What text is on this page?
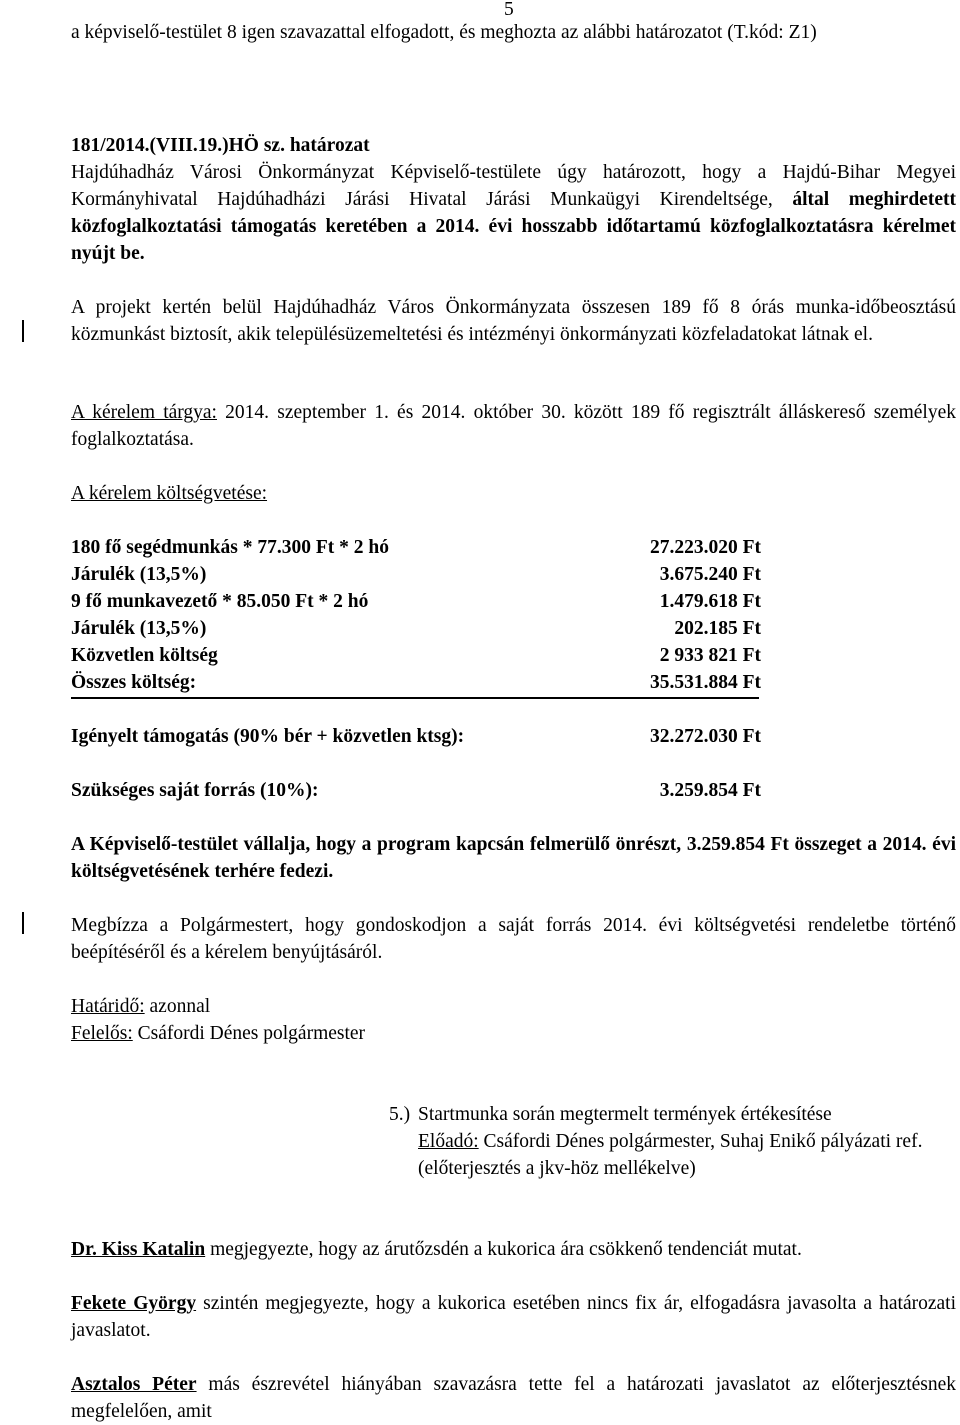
5

a képviselő-testület 8 igen szavazattal elfogadott, és meghozta az alábbi határozatot (T.kód: Z1)

181/2014.(VIII.19.)HÖ sz. határozat
Hajdúhadház Városi Önkormányzat Képviselő-testülete úgy határozott, hogy a Hajdú-Bihar Megyei Kormányhivatal Hajdúhadházi Járási Hivatal Járási Munkaügyi Kirendeltsége, által meghirdetett közfoglalkoztatási támogatás keretében a 2014. évi hosszabb időtartamú közfoglalkoztatásra kérelmet nyújt be.

A projekt kertén belül Hajdúhadház Város Önkormányzata összesen 189 fő 8 órás munka-időbeosztású közmunkást biztosít, akik településüzemeltetési és intézményi önkormányzati közfeladatokat látnak el.

A kérelem tárgya: 2014. szeptember 1. és 2014. október 30. között 189 fő regisztrált álláskereső személyek foglalkoztatása.
A kérelem költségvetése:
180 fő segédmunkás * 77.300 Ft * 2 hó	27.223.020 Ft
Járulék (13,5%)	3.675.240 Ft
9 fő munkavezető * 85.050 Ft * 2 hó	1.479.618 Ft
Járulék (13,5%)	202.185 Ft
Közvetlen költség	2 933 821 Ft
Összes költség:	35.531.884 Ft
Igényelt támogatás (90% bér + közvetlen ktsg):	32.272.030 Ft
Szükséges saját forrás (10%):	3.259.854 Ft

A Képviselő-testület vállalja, hogy a program kapcsán felmerülő önrészt, 3.259.854 Ft összeget a 2014. évi költségvetésének terhére fedezi.

Megbízza a Polgármestert, hogy gondoskodjon a saját forrás 2014. évi költségvetési rendeletbe történő beépítéséről és a kérelem benyújtásáról.

Határidő: azonnal
Felelős: Csáfordi Dénes polgármester
5.) Startmunka során megtermelt termények értékesítése
Előadó: Csáfordi Dénes polgármester, Suhaj Enikő pályázati ref.
(előterjesztés a jkv-höz mellékelve)

Dr. Kiss Katalin megjegyezte, hogy az árutőzsdén a kukorica ára csökkenő tendenciát mutat.

Fekete György szintén megjegyezte, hogy a kukorica esetében nincs fix ár, elfogadásra javasolta a határozati javaslatot.

Asztalos Péter más észrevétel hiányában szavazásra tette fel a határozati javaslatot az előterjesztésnek megfelelően, amit
